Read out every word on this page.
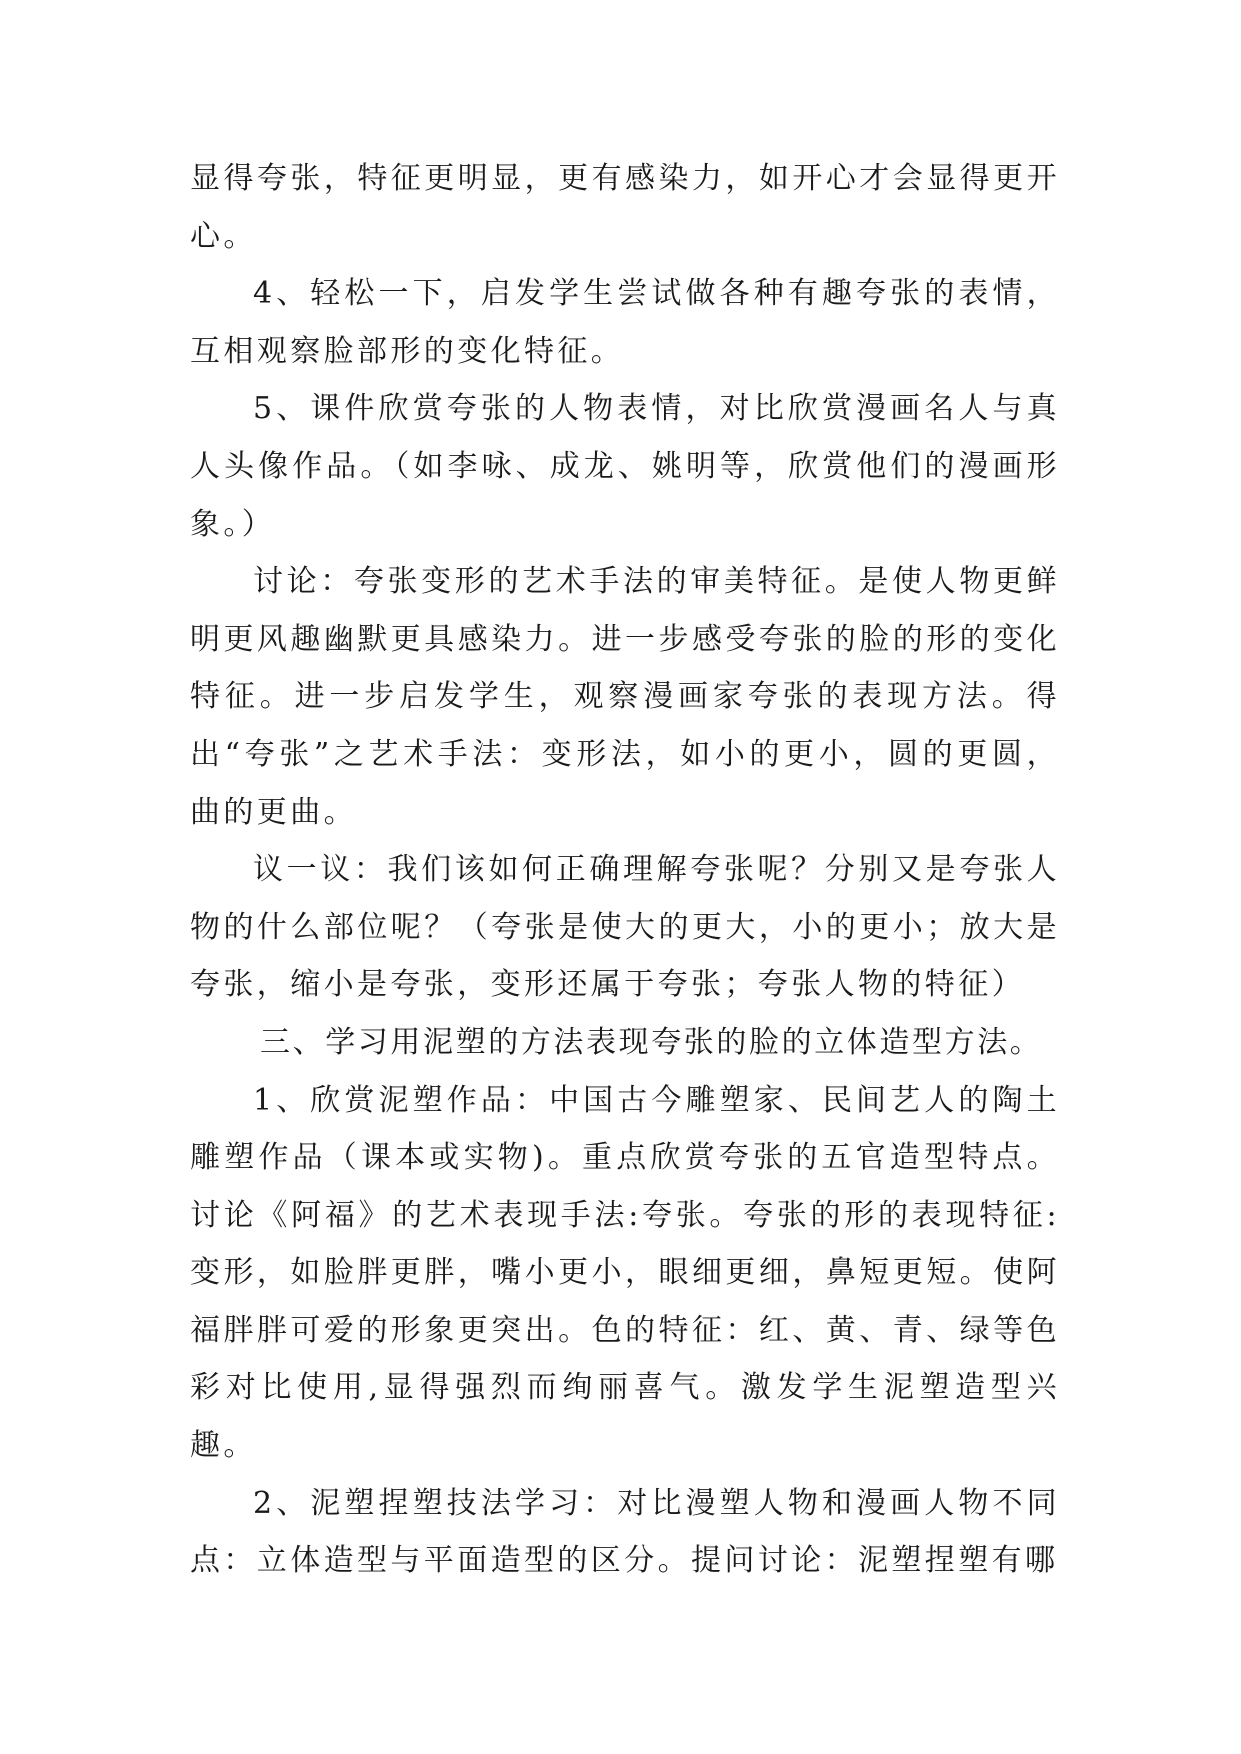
显得夸张，特征更明显，更有感染力，如开心才会显得更开心。

4、轻松一下，启发学生尝试做各种有趣夸张的表情，互相观察脸部形的变化特征。

5、课件欣赏夸张的人物表情，对比欣赏漫画名人与真人头像作品。（如李咏、成龙、姚明等，欣赏他们的漫画形象。）

讨论：夸张变形的艺术手法的审美特征。是使人物更鲜明更风趣幽默更具感染力。进一步感受夸张的脸的形的变化特征。进一步启发学生，观察漫画家夸张的表现方法。得出“夸张”之艺术手法：变形法，如小的更小，圆的更圆，曲的更曲。

议一议：我们该如何正确理解夸张呢？分别又是夸张人物的什么部位呢？（夸张是使大的更大，小的更小；放大是夸张，缩小是夸张，变形还属于夸张；夸张人物的特征）

三、学习用泥塑的方法表现夸张的脸的立体造型方法。

1、欣赏泥塑作品：中国古今雕塑家、民间艺人的陶土雕塑作品（课本或实物)。重点欣赏夸张的五官造型特点。讨论《阿福》的艺术表现手法:夸张。夸张的形的表现特征:变形，如脸胖更胖，嘴小更小，眼细更细，鼻短更短。使阿福胖胖可爱的形象更突出。色的特征：红、黄、青、绿等色彩对比使用,显得强烈而绚丽喜气。激发学生泥塑造型兴趣。

2、泥塑捏塑技法学习：对比漫塑人物和漫画人物不同点：立体造型与平面造型的区分。提问讨论：泥塑捏塑有哪
